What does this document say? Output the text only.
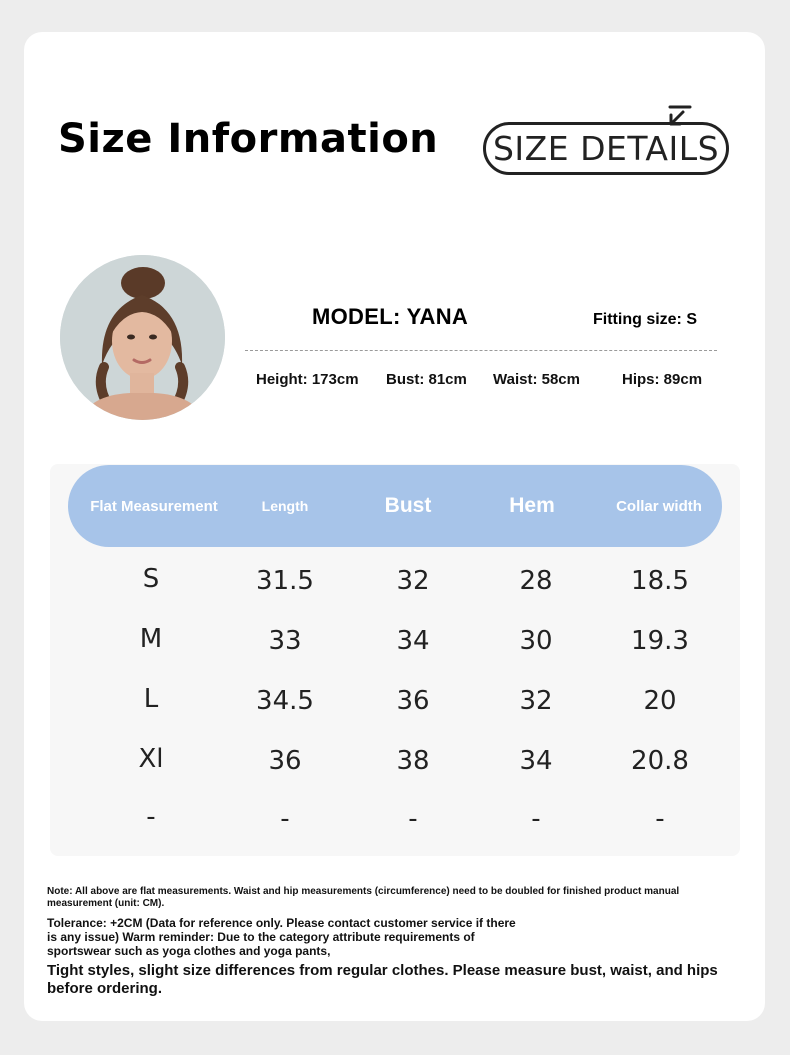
Size Information	SIZE DETAILS
MODEL: YANA	Fitting size: S
Height: 173cm Bust: 81cm Waist: 58cm	Hips: 89cm
Flat Measurement	Length	Bust	Hem	Collar width
S	31.5	32	28	18.5
M	33	34	30	19.3
L	34.5	36	32	20
Xl	36	38	34	20.8
-	-	-	-	-
Note: All above are flat measurements. Waist and hip measurements (circumference) need to be doubled for finished product manual measurement (unit: CM).
Tolerance: +2CM (Data for reference only. Please contact customer service if there is any issue) Warm reminder: Due to the category attribute requirements of sportswear such as yoga clothes and yoga pants,
Tight styles, slight size differences from regular clothes. Please measure bust, waist, and hips before ordering.
